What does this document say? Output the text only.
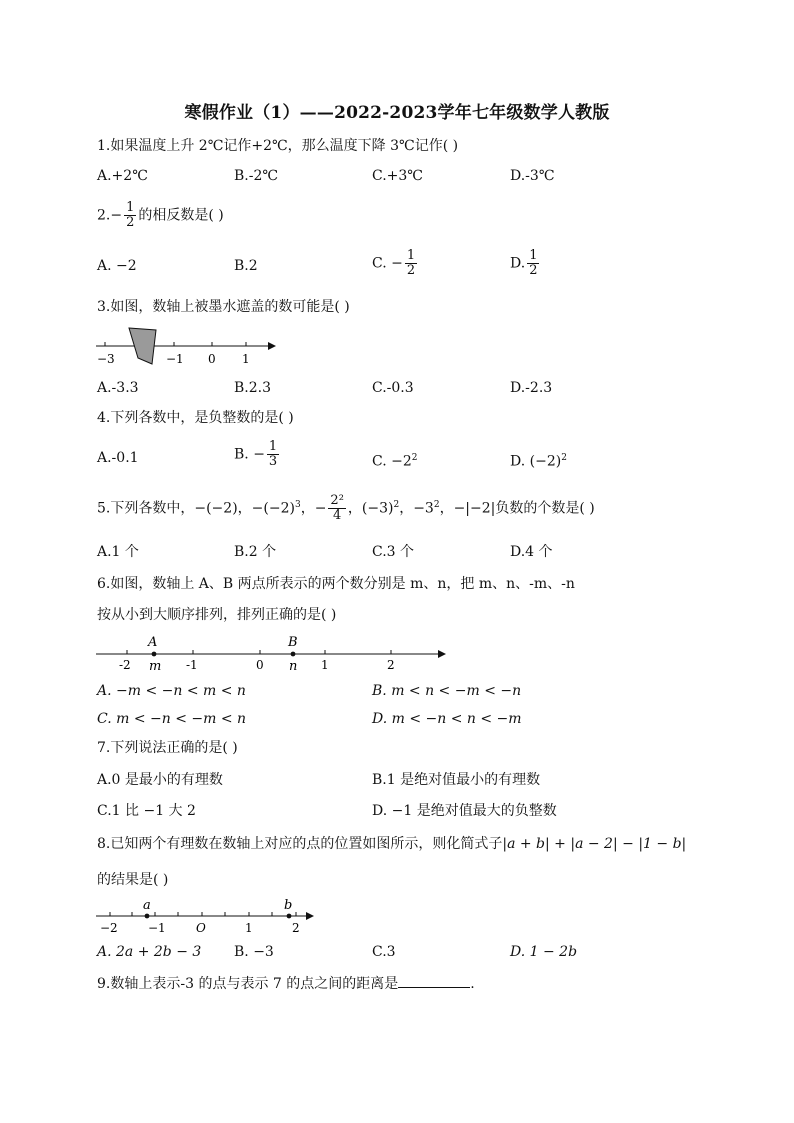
寒假作业（1）——2022-2023学年七年级数学人教版
1.如果温度上升 2℃记作+2℃，那么温度下降 3℃记作( )
A.+2℃	B.-2℃	C.+3℃	D.-3℃
$2.- \frac{1}{2}$ 的相反数是( )
A. −2	B.2	C. − $\frac{1}{2}$	D. $\frac{1}{2}$
3.如图，数轴上被墨水遮盖的数可能是( )
−3	−1 0 1
A.-3.3	B.2.3	C.-0.3	D.-2.3
4.下列各数中，是负整数的是( )
A.-0.1	B. − $\frac{1}{3}$	C. $-2^2$	D. $(-2)^2$
5.下列各数中，−(−2)，$-(-2)^3$，− $\frac{\text{2²}}{4}$ ，$(-3)^2$，$-3^2$，−|−2|负数的个数是( )
A.1 个	B.2 个	C.3 个	D.4 个
6.如图，数轴上 A、B 两点所表示的两个数分别是 m、n，把 m、n、-m、-n
按从小到大顺序排列，排列正确的是( )
A	B
m	n
-2	-1	0	1	2
A. −m < −n < m < n	B. m < n < −m < −n
C. m < −n < −m < n	D. m < −n < n < −m
7.下列说法正确的是( )
A.0 是最小的有理数	B.1 是绝对值最小的有理数
C.1 比 −1 大 2	D. −1 是绝对值最大的负整数
8.已知两个有理数在数轴上对应的点的位置如图所示，则化简式子|a + b| + |a − 2| − |1 − b|
的结果是( )
a	b
−2	−1	O	1	2
A. 2a + 2b − 3 B. −3	C.3	D. 1 − 2b
9.数轴上表示-3 的点与表示 7 的点之间的距离是	.
